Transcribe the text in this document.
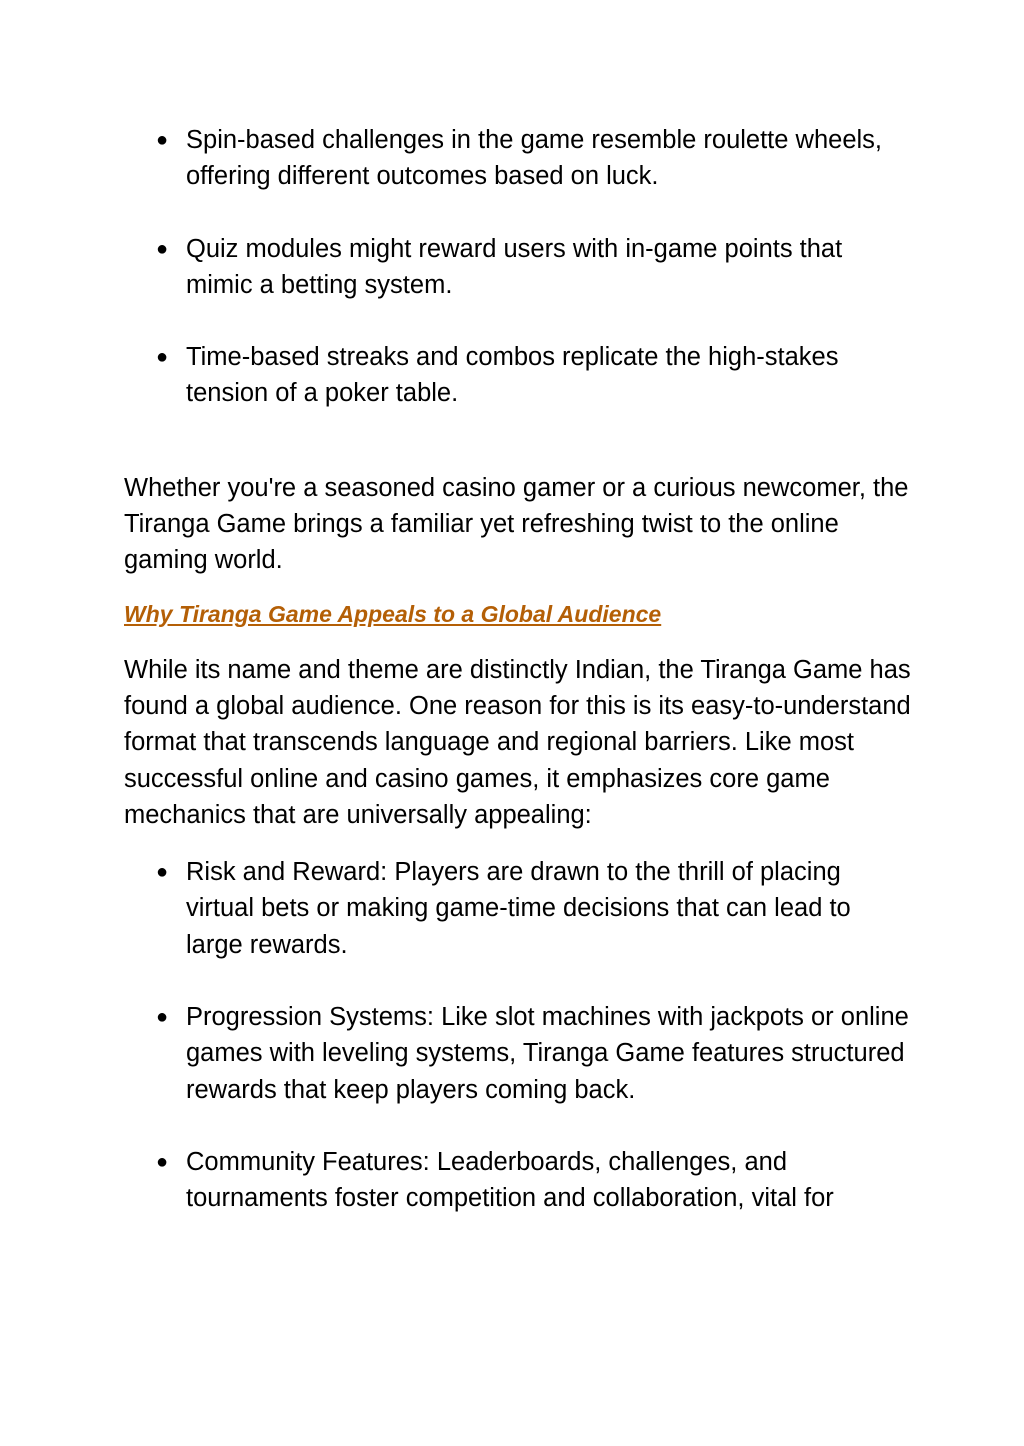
● Spin-based challenges in the game resemble roulette wheels, offering different outcomes based on luck.
● Quiz modules might reward users with in-game points that mimic a betting system.
● Time-based streaks and combos replicate the high-stakes tension of a poker table.

Whether you're a seasoned casino gamer or a curious newcomer, the Tiranga Game brings a familiar yet refreshing twist to the online gaming world.

Why Tiranga Game Appeals to a Global Audience

While its name and theme are distinctly Indian, the Tiranga Game has found a global audience. One reason for this is its easy-to-understand format that transcends language and regional barriers. Like most successful online and casino games, it emphasizes core game mechanics that are universally appealing:

● Risk and Reward: Players are drawn to the thrill of placing virtual bets or making game-time decisions that can lead to large rewards.
● Progression Systems: Like slot machines with jackpots or online games with leveling systems, Tiranga Game features structured rewards that keep players coming back.
● Community Features: Leaderboards, challenges, and tournaments foster competition and collaboration, vital for
